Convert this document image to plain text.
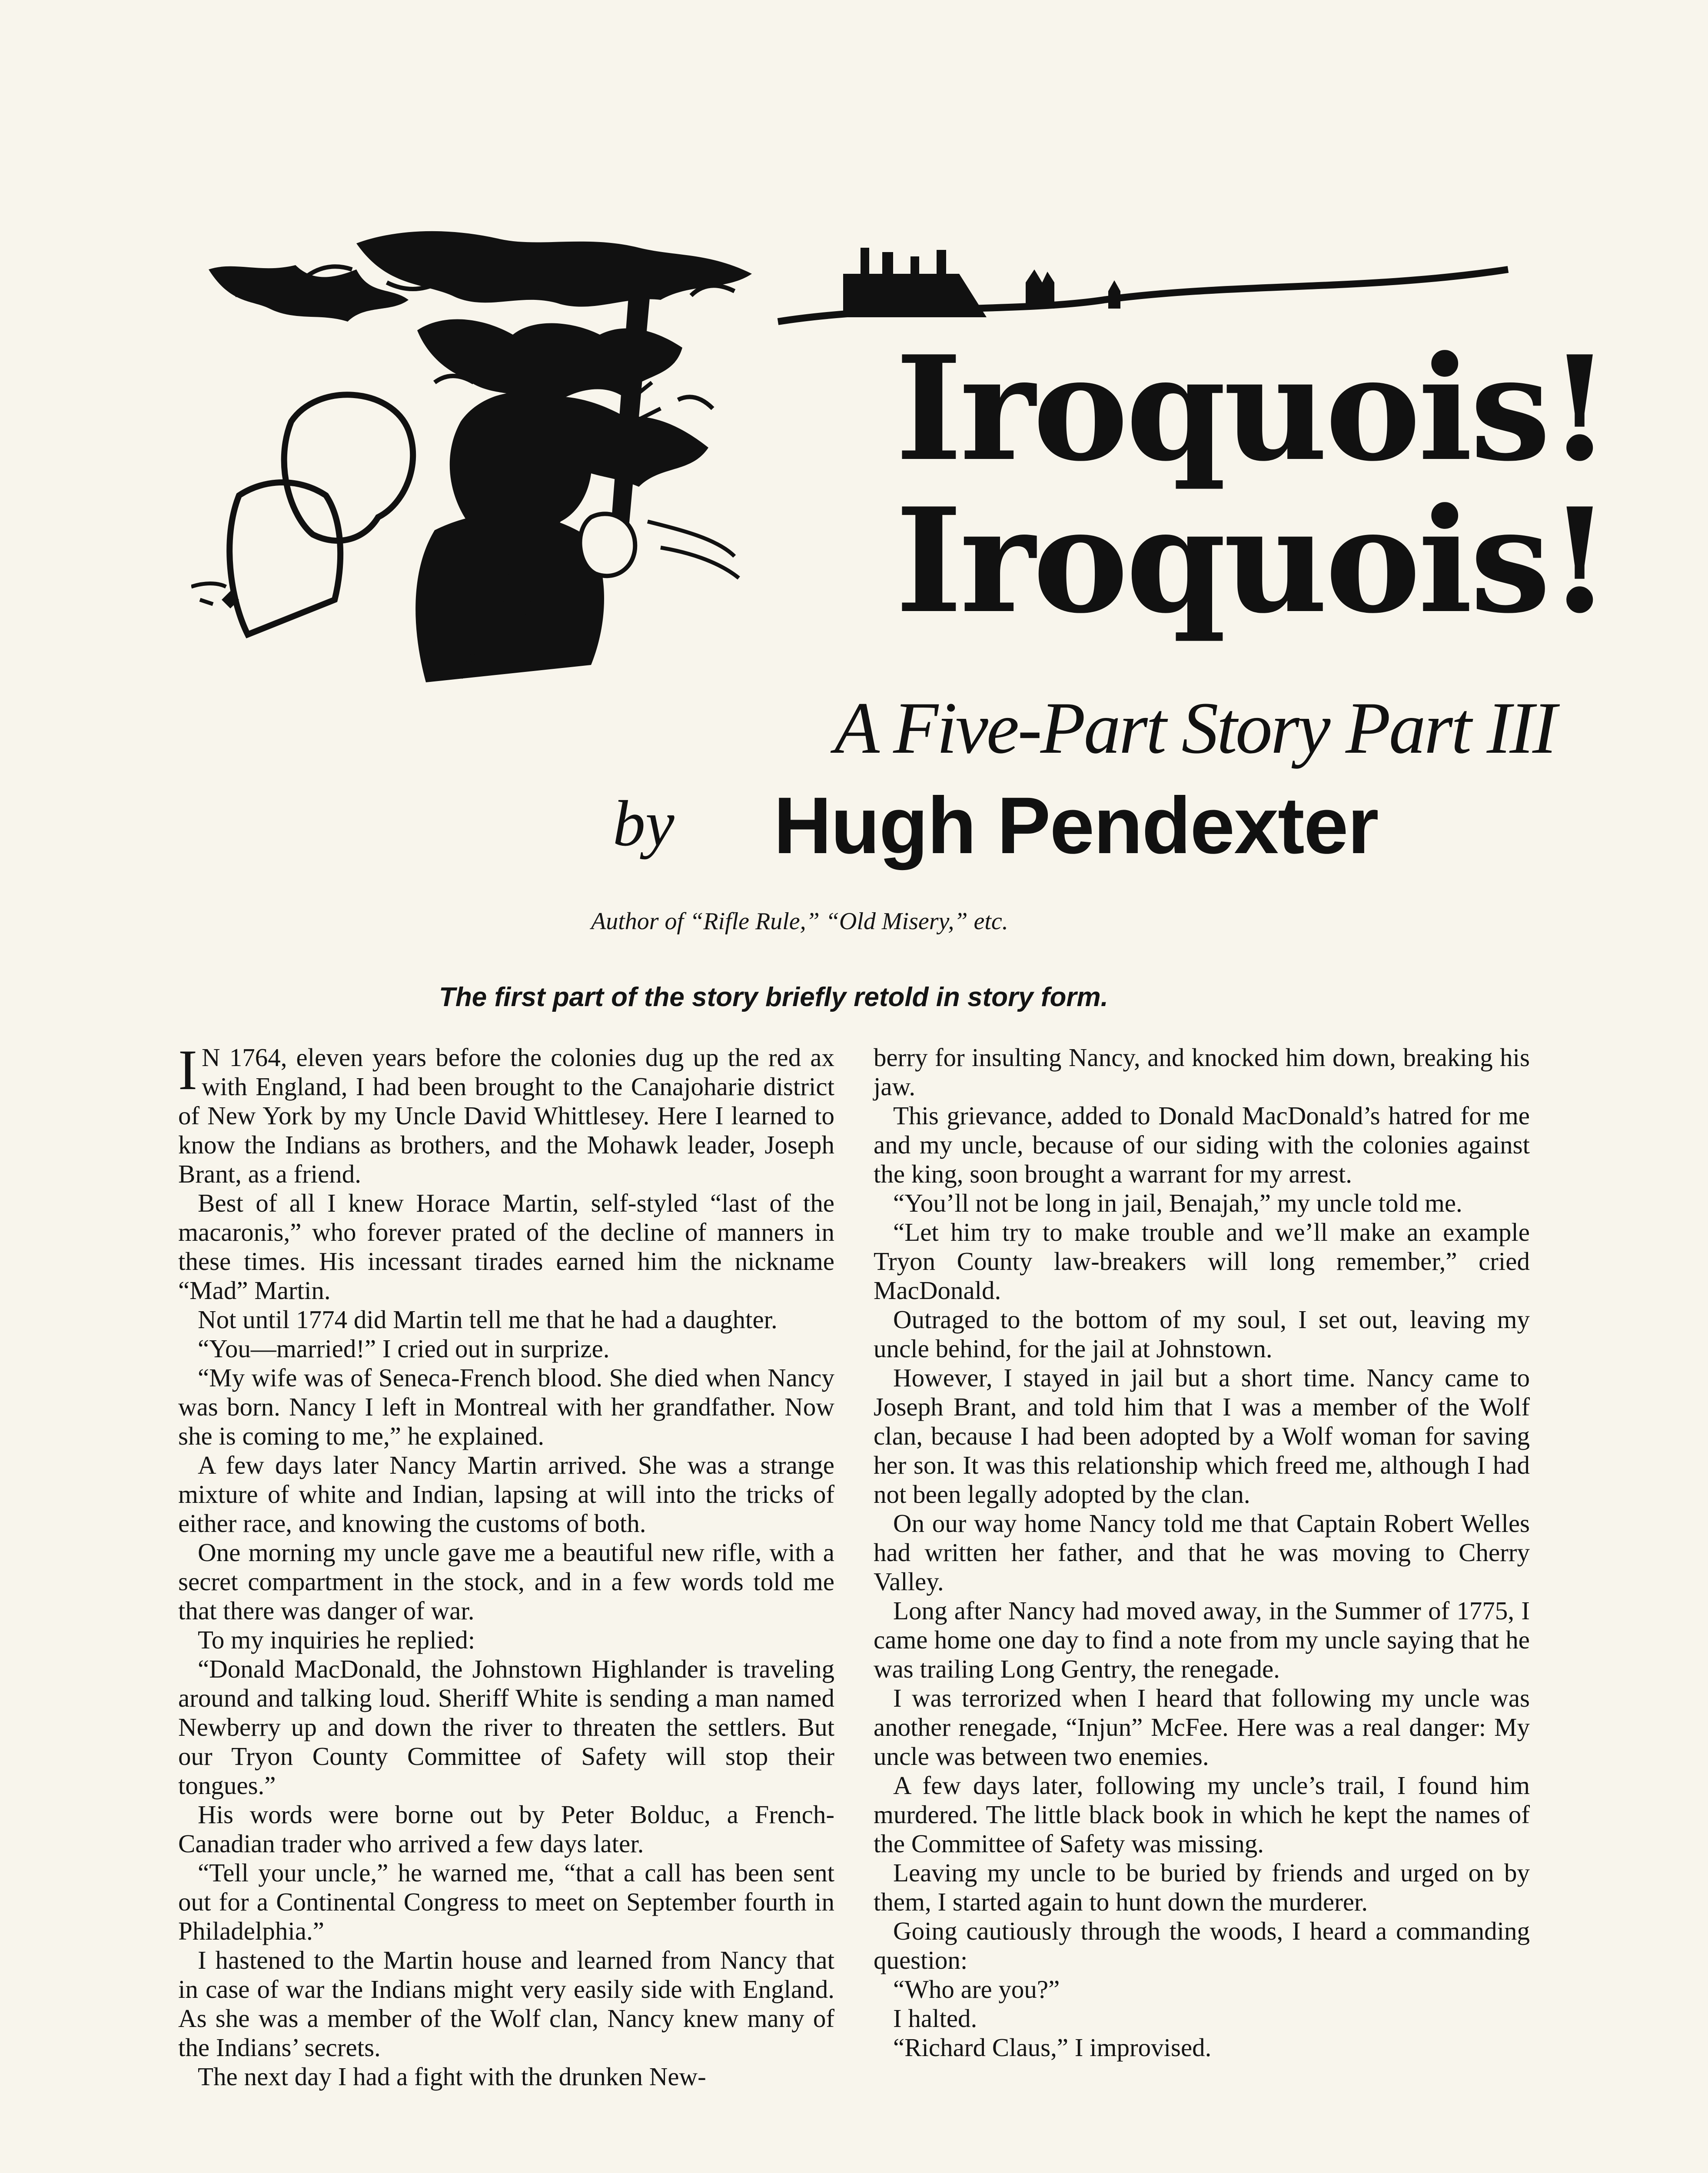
Iroquois!
Iroquois!
A Five-Part Story Part III
by Hugh Pendexter
Author of “Rifle Rule,” “Old Misery,” etc.
The first part of the story briefly retold in story form.

I N 1764, eleven years before the colonies dug up the red ax with England, I had been brought to the Canajoharie district of New York by my Uncle David Whittlesey. Here I learned to know the Indians as brothers, and the Mohawk leader, Joseph Brant, as a friend.

Best of all I knew Horace Martin, self-styled “last of the macaronis,” who forever prated of the decline of manners in these times. His incessant tirades earned him the nickname “Mad” Martin.

Not until 1774 did Martin tell me that he had a daughter.

“You—married!” I cried out in surprize.

“My wife was of Seneca-French blood. She died when Nancy was born. Nancy I left in Montreal with her grandfather. Now she is coming to me,” he explained.

A few days later Nancy Martin arrived. She was a strange mixture of white and Indian, lapsing at will into the tricks of either race, and knowing the customs of both.

One morning my uncle gave me a beautiful new rifle, with a secret compartment in the stock, and in a few words told me that there was danger of war.

To my inquiries he replied:

“Donald MacDonald, the Johnstown Highlander is traveling around and talking loud. Sheriff White is sending a man named Newberry up and down the river to threaten the settlers. But our Tryon County Committee of Safety will stop their tongues.”

His words were borne out by Peter Bolduc, a French-Canadian trader who arrived a few days later.

“Tell your uncle,” he warned me, “that a call has been sent out for a Continental Congress to meet on September fourth in Philadelphia.”

I hastened to the Martin house and learned from Nancy that in case of war the Indians might very easily side with England. As she was a member of the Wolf clan, Nancy knew many of the Indians’ secrets.

The next day I had a fight with the drunken New-

berry for insulting Nancy, and knocked him down, breaking his jaw.

This grievance, added to Donald MacDonald’s hatred for me and my uncle, because of our siding with the colonies against the king, soon brought a warrant for my arrest.

“You’ll not be long in jail, Benajah,” my uncle told me.

“Let him try to make trouble and we’ll make an example Tryon County law-breakers will long remember,” cried MacDonald.

Outraged to the bottom of my soul, I set out, leaving my uncle behind, for the jail at Johnstown.

However, I stayed in jail but a short time. Nancy came to Joseph Brant, and told him that I was a member of the Wolf clan, because I had been adopted by a Wolf woman for saving her son. It was this relationship which freed me, although I had not been legally adopted by the clan.

On our way home Nancy told me that Captain Robert Welles had written her father, and that he was moving to Cherry Valley.

Long after Nancy had moved away, in the Summer of 1775, I came home one day to find a note from my uncle saying that he was trailing Long Gentry, the renegade.

I was terrorized when I heard that following my uncle was another renegade, “Injun” McFee. Here was a real danger: My uncle was between two enemies.

A few days later, following my uncle’s trail, I found him murdered. The little black book in which he kept the names of the Committee of Safety was missing.

Leaving my uncle to be buried by friends and urged on by them, I started again to hunt down the murderer.

Going cautiously through the woods, I heard a commanding question:

“Who are you?”

I halted.

“Richard Claus,” I improvised.
